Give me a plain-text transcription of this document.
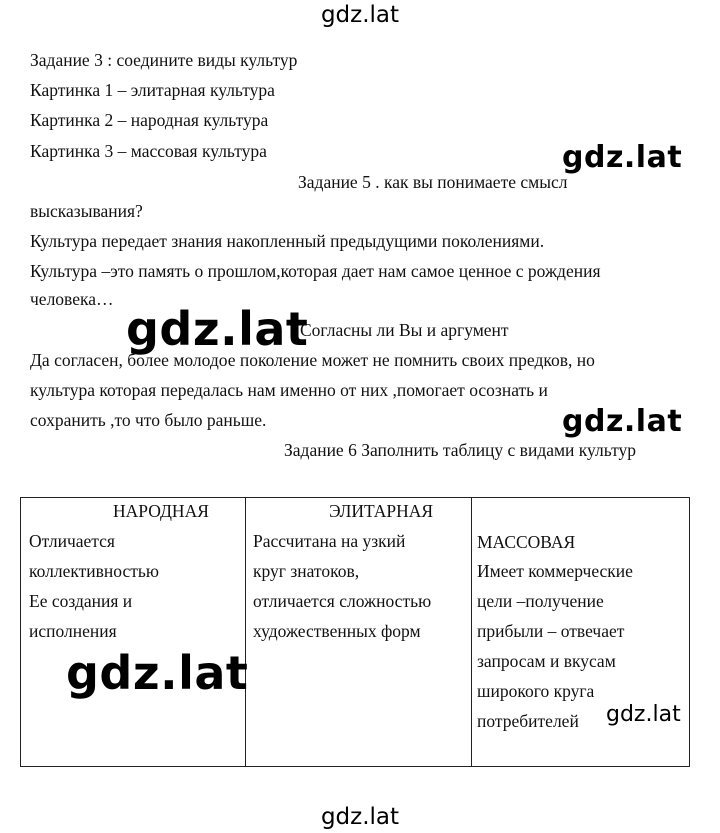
gdz.lat
gdz.lat
gdz.lat
gdz.lat
Задание 3 : соедините виды культур
Картинка 1 – элитарная культура
Картинка 2 – народная культура
Картинка 3 – массовая культура
Задание 5 . как вы понимаете смысл
высказывания?
Культура передает знания накопленный предыдущими поколениями.
Культура –это память о прошлом,которая дает нам самое ценное с рождения
человека…
Согласны ли Вы и аргумент
Да согласен, более молодое поколение может не помнить своих предков, но
культура которая передалась нам именно от них ,помогает осознать и
сохранить ,то что было раньше.
Задание 6 Заполнить таблицу с видами культур
НАРОДНАЯ
Отличается
коллективностью
Ее создания и
исполнения
ЭЛИТАРНАЯ
Рассчитана на узкий
круг знатоков,
отличается сложностью
художественных форм
МАССОВАЯ
Имеет коммерческие
цели –получение
прибыли – отвечает
запросам и вкусам
широкого круга
потребителей
gdz.lat
gdz.lat
gdz.lat
